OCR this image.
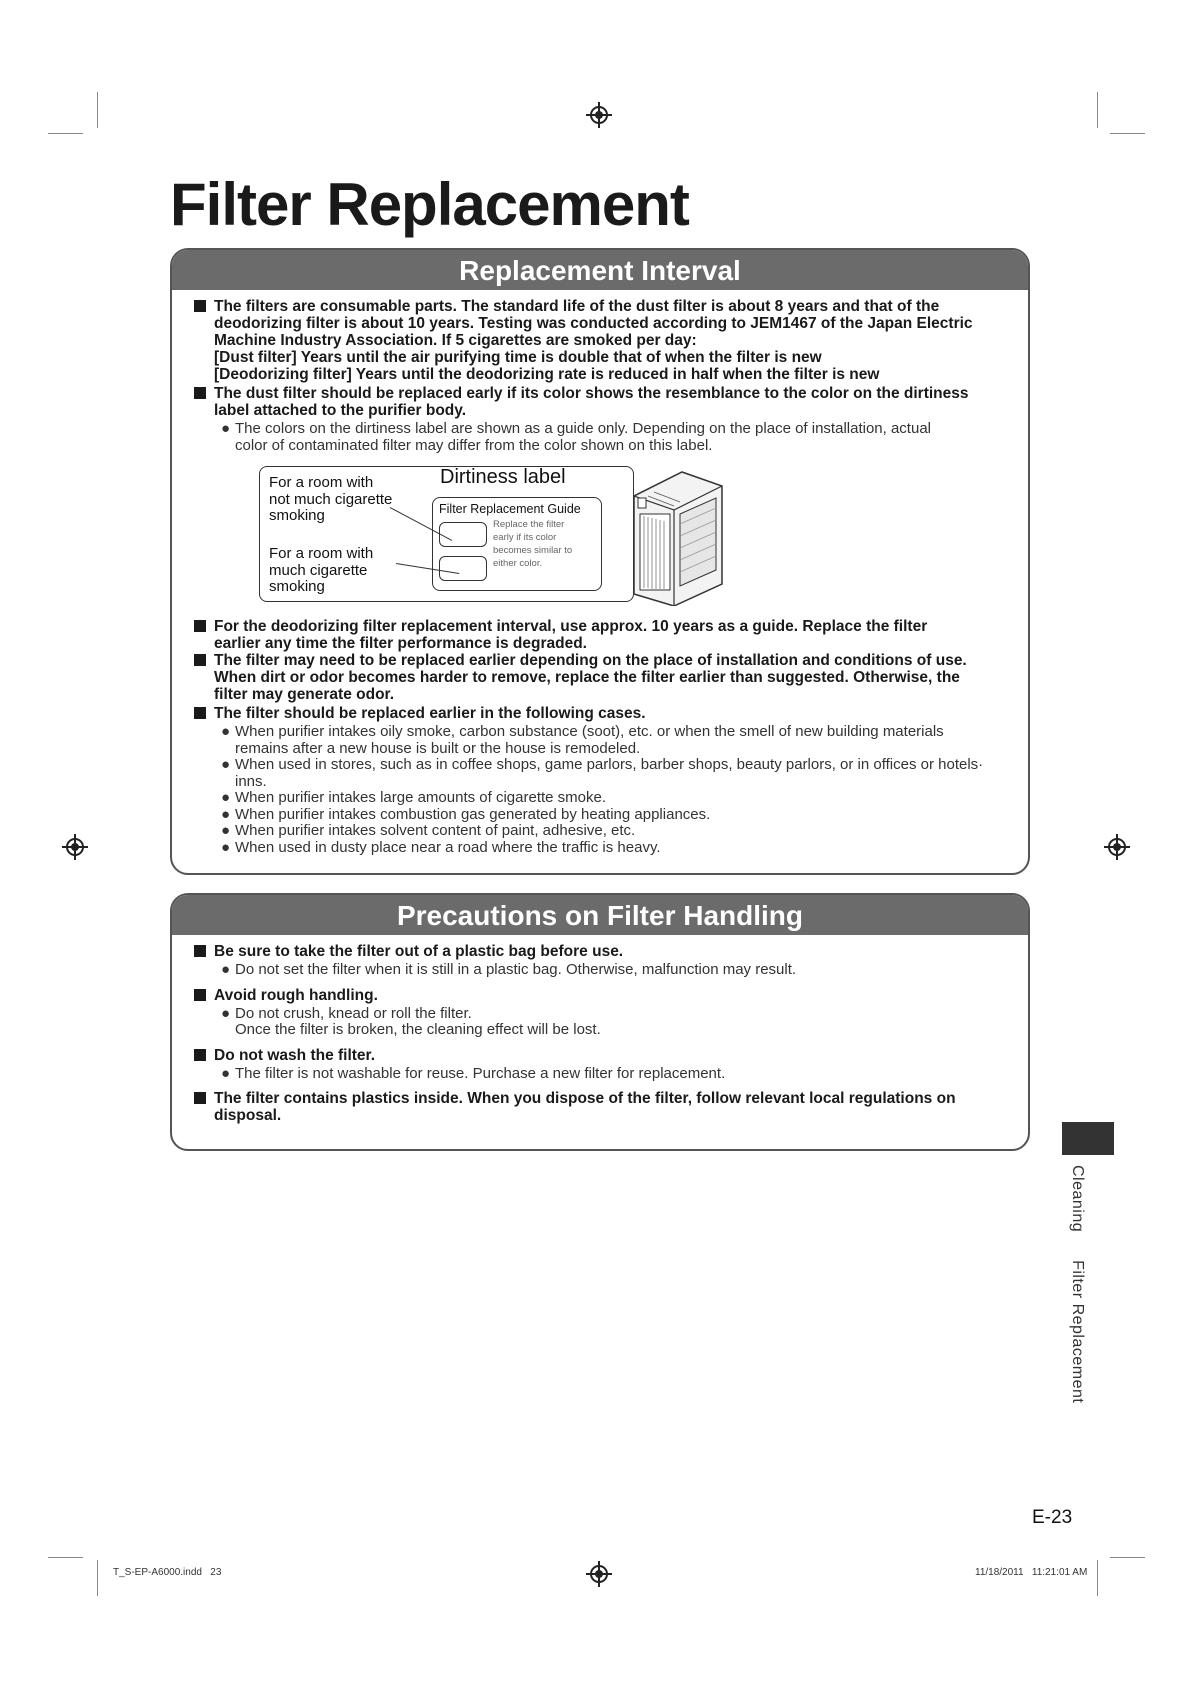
Filter Replacement
Replacement Interval
The filters are consumable parts. The standard life of the dust filter is about 8 years and that of the
deodorizing filter is about 10 years. Testing was conducted according to JEM1467 of the Japan Electric
Machine Industry Association. If 5 cigarettes are smoked per day:
[Dust filter] Years until the air purifying time is double that of when the filter is new
[Deodorizing filter] Years until the deodorizing rate is reduced in half when the filter is new
The dust filter should be replaced early if its color shows the resemblance to the color on the dirtiness
label attached to the purifier body.
● The colors on the dirtiness label are shown as a guide only. Depending on the place of installation, actual
color of contaminated filter may differ from the color shown on this label.
Dirtiness label
For a room with
not much cigarette
smoking
For a room with
much cigarette
smoking
Filter Replacement Guide
Replace the filter
early if its color
becomes similar to
either color.
For the deodorizing filter replacement interval, use approx. 10 years as a guide. Replace the filter
earlier any time the filter performance is degraded.
The filter may need to be replaced earlier depending on the place of installation and conditions of use.
When dirt or odor becomes harder to remove, replace the filter earlier than suggested. Otherwise, the
filter may generate odor.
The filter should be replaced earlier in the following cases.
● When purifier intakes oily smoke, carbon substance (soot), etc. or when the smell of new building materials
remains after a new house is built or the house is remodeled.
● When used in stores, such as in coffee shops, game parlors, barber shops, beauty parlors, or in offices or hotels·
inns.
● When purifier intakes large amounts of cigarette smoke.
● When purifier intakes combustion gas generated by heating appliances.
● When purifier intakes solvent content of paint, adhesive, etc.
● When used in dusty place near a road where the traffic is heavy.
Precautions on Filter Handling
Be sure to take the filter out of a plastic bag before use.
● Do not set the filter when it is still in a plastic bag. Otherwise, malfunction may result.
Avoid rough handling.
● Do not crush, knead or roll the filter.
Once the filter is broken, the cleaning effect will be lost.
Do not wash the filter.
● The filter is not washable for reuse. Purchase a new filter for replacement.
The filter contains plastics inside. When you dispose of the filter, follow relevant local regulations on
disposal.
Cleaning  Filter Replacement
E-23
T_S-EP-A6000.indd   23	11/18/2011   11:21:01 AM
